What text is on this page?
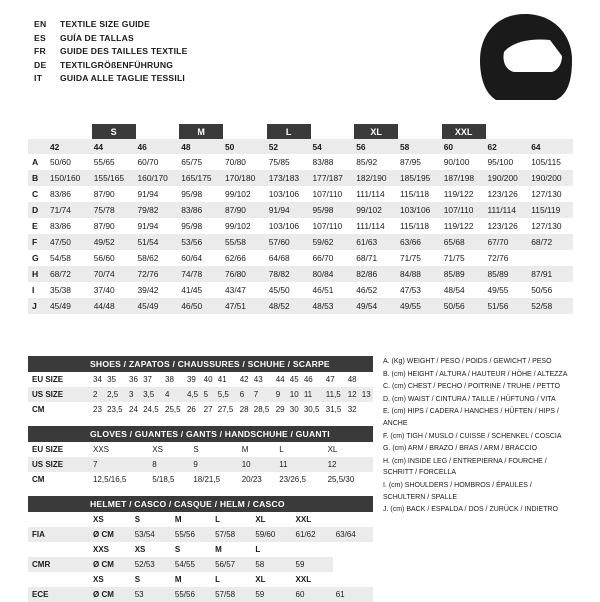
EN	TEXTILE SIZE GUIDE
ES	GUÍA DE TALLAS
FR	GUIDE DES TAILLES TEXTILE
DE	TEXTILGRÖßENFÜHRUNG
IT	GUIDA ALLE TAGLIE TESSILI
		S		M		L		XL		XXL		
	42	44	46	48	50	52	54	56	58	60	62	64
A	50/60	55/65	60/70	65/75	70/80	75/85	83/88	85/92	87/95	90/100	95/100	105/115
B	150/160	155/165	160/170	165/175	170/180	173/183	177/187	182/190	185/195	187/198	190/200	190/200
C	83/86	87/90	91/94	95/98	99/102	103/106	107/110	111/114	115/118	119/122	123/126	127/130
D	71/74	75/78	79/82	83/86	87/90	91/94	95/98	99/102	103/106	107/110	111/114	115/119
E	83/86	87/90	91/94	95/98	99/102	103/106	107/110	111/114	115/118	119/122	123/126	127/130
F	47/50	49/52	51/54	53/56	55/58	57/60	59/62	61/63	63/66	65/68	67/70	68/72
G	54/58	56/60	58/62	60/64	62/66	64/68	66/70	68/71	71/75	71/75	72/76	
H	68/72	70/74	72/76	74/78	76/80	78/82	80/84	82/86	84/88	85/89	85/89	87/91
I	35/38	37/40	39/42	41/45	43/47	45/50	46/51	46/52	47/53	48/54	49/55	50/56
J	45/49	44/48	45/49	46/50	47/51	48/52	48/53	49/54	49/55	50/56	51/56	52/58
SHOES / ZAPATOS / CHAUSSURES / SCHUHE / SCARPE
EU SIZE	34	35	36	37	38	39	40	41	42	43	44	45	46	47	48	
US SIZE	2	2,5	3	3,5	4	4,5	5	5,5	6	7	9	10	11	11,5	12	13
CM	23	23,5	24	24,5	25,5	26	27	27,5	28	28,5	29	30	30,5	31,5	32	
GLOVES / GUANTES / GANTS / HANDSCHUHE / GUANTI
EU SIZE	XXS	XS	S	M	L	XL
US SIZE	7	8	9	10	11	12
CM	12,5/16,5	5/18,5	18/21,5	20/23	23/26,5	25,5/30
HELMET / CASCO / CASQUE / HELM / CASCO
	XS	S	M	L	XL	XXL	
FIA	Ø CM	53/54	55/56	57/58	59/60	61/62	63/64
	XXS	XS	S	M	L		
CMR	Ø CM	52/53	54/55	56/57	58	59	
	XS	S	M	L	XL	XXL	
ECE	Ø CM	53	55/56	57/58	59	60	61
A. (Kg) WEIGHT / PESO / POIDS / GEWICHT / PESO
B. (cm) HEIGHT / ALTURA / HAUTEUR / HÖHE / ALTEZZA
C. (cm) CHEST / PECHO / POITRINE / TRUHE / PETTO
D. (cm) WAIST / CINTURA / TAILLE / HÜFTUNG / VITA
E. (cm) HIPS / CADERA / HANCHES / HÜFTEN / HIPS / ANCHE
F. (cm) TIGH / MUSLO / CUISSE / SCHENKEL / COSCIA
G. (cm) ARM / BRAZO / BRAS / ARM / BRACCIO
H. (cm) INSIDE LEG / ENTREPIERNA / FOURCHE / SCHRITT / FORCELLA
I. (cm) SHOULDERS / HOMBROS / ÉPAULES / SCHULTERN / SPALLE
J. (cm) BACK / ESPALDA / DOS / ZURÜCK / INDIETRO
